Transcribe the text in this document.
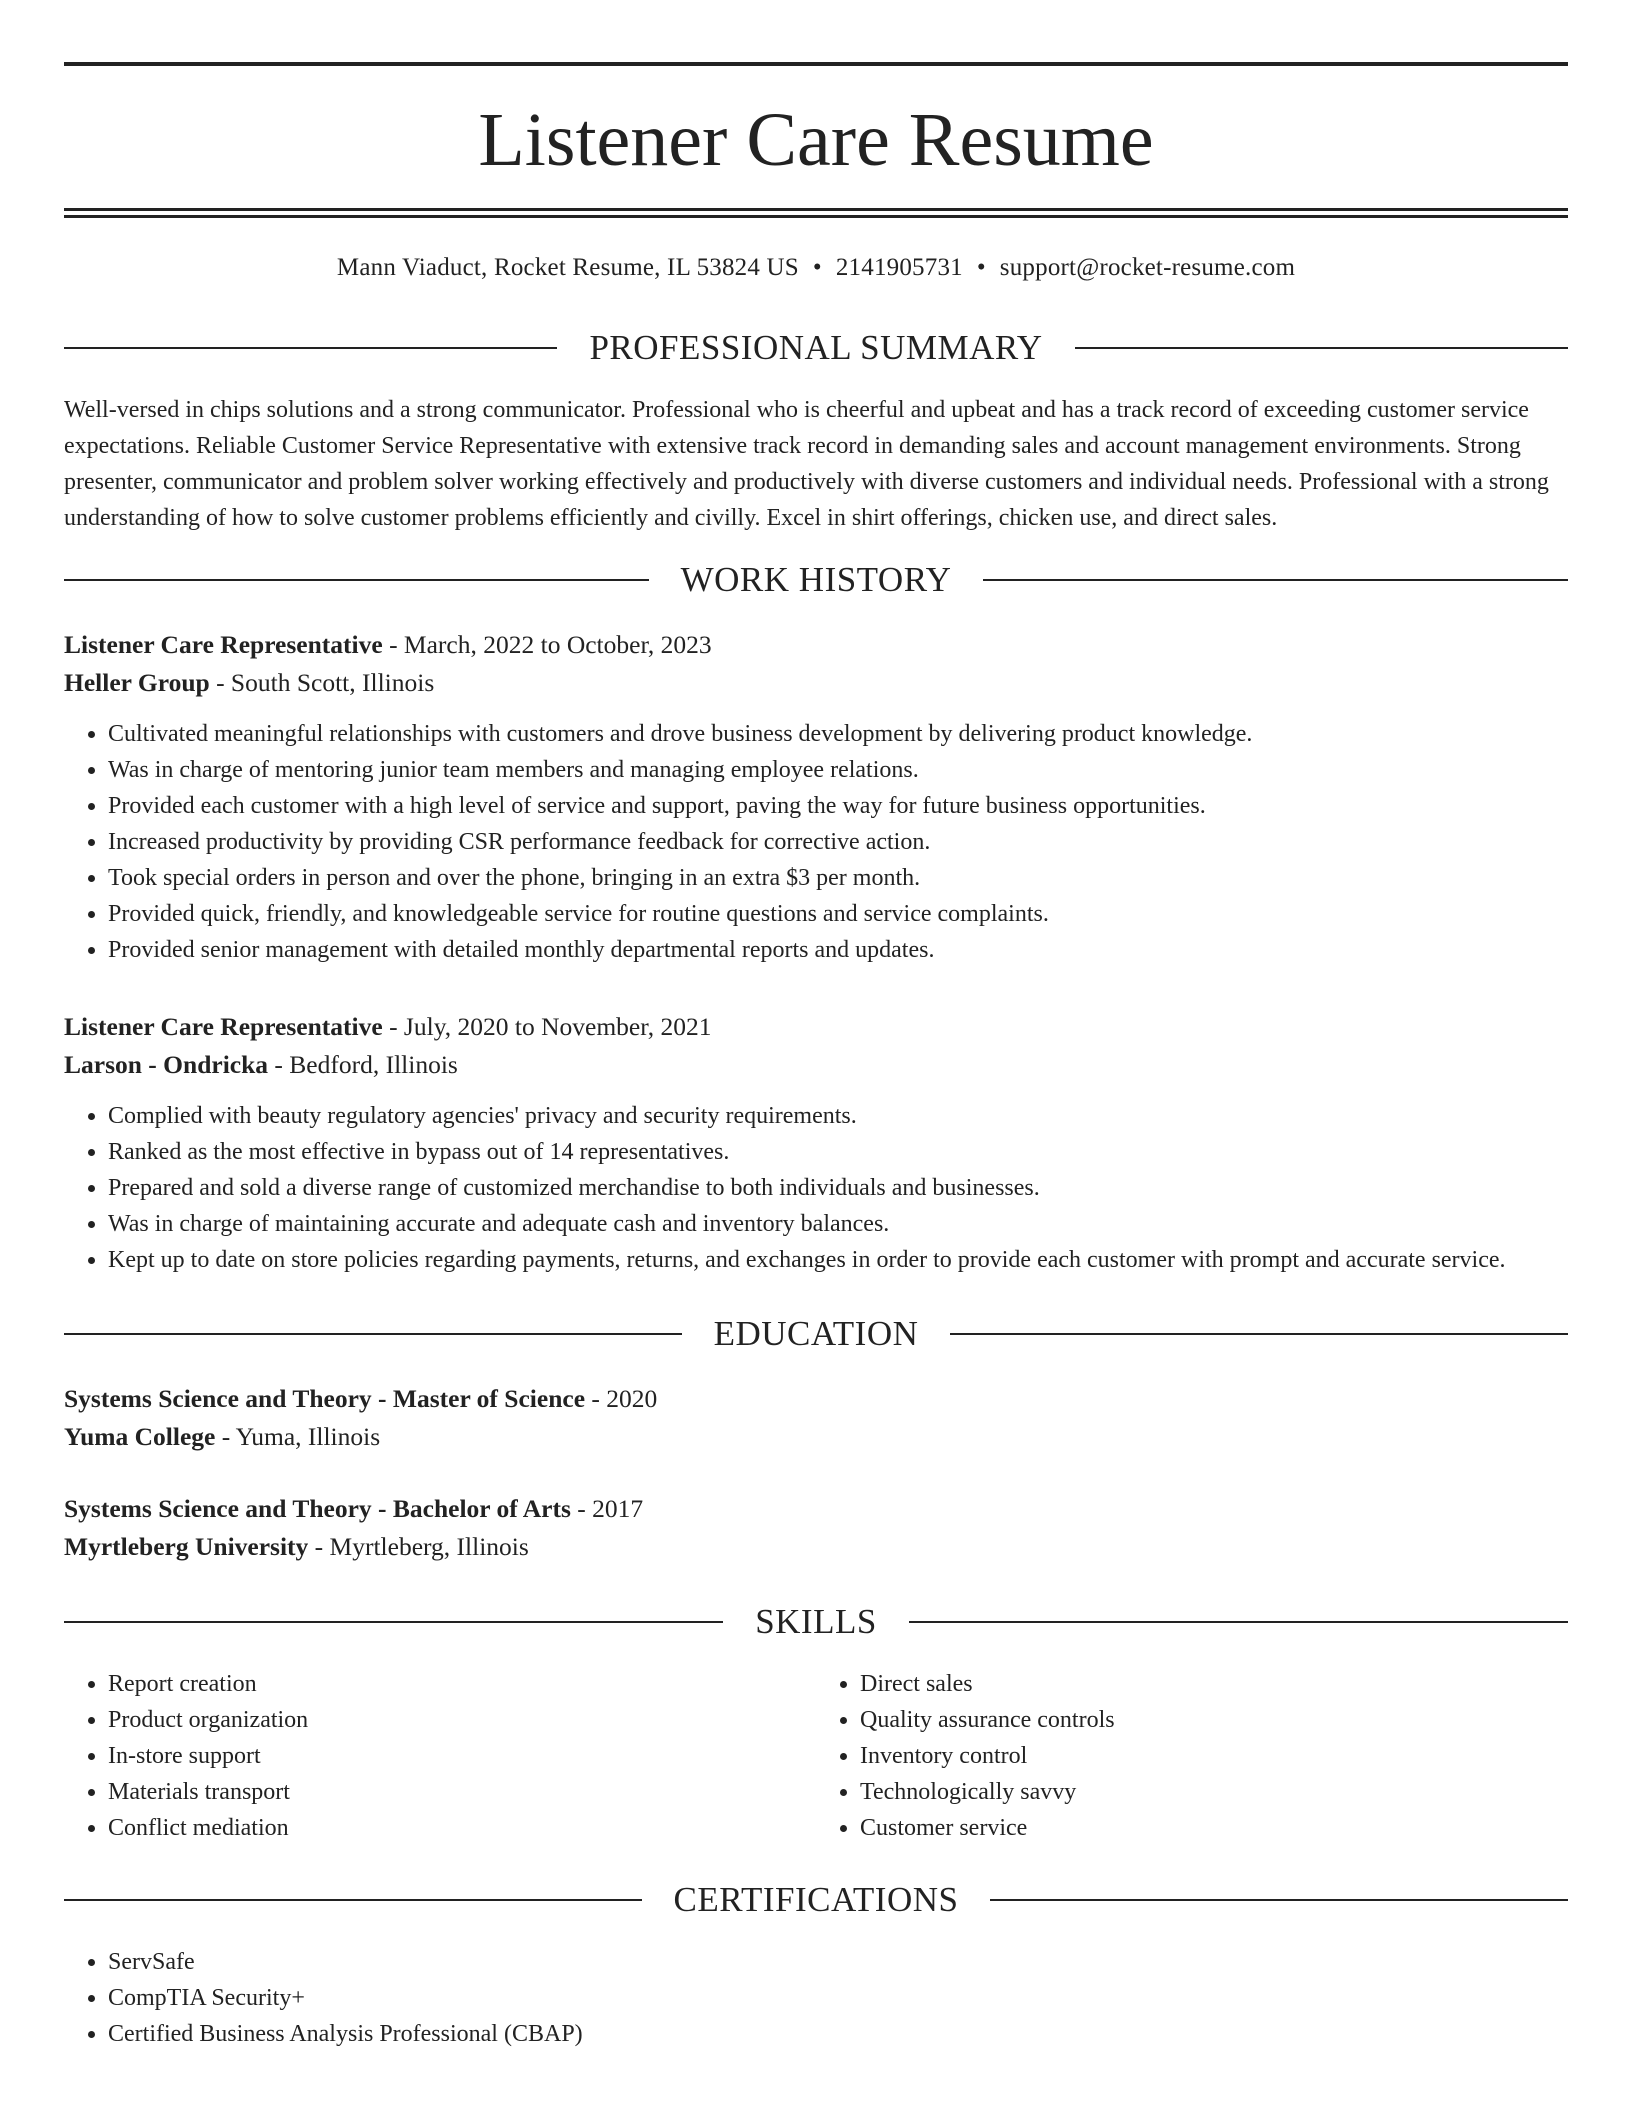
Listener Care Resume
Mann Viaduct, Rocket Resume, IL 53824 US • 2141905731 • support@rocket-resume.com
PROFESSIONAL SUMMARY

Well-versed in chips solutions and a strong communicator. Professional who is cheerful and upbeat and has a track record of exceeding customer service expectations. Reliable Customer Service Representative with extensive track record in demanding sales and account management environments. Strong presenter, communicator and problem solver working effectively and productively with diverse customers and individual needs. Professional with a strong understanding of how to solve customer problems efficiently and civilly. Excel in shirt offerings, chicken use, and direct sales.

WORK HISTORY
Listener Care Representative - March, 2022 to October, 2023
Heller Group - South Scott, Illinois
• Cultivated meaningful relationships with customers and drove business development by delivering product knowledge.
• Was in charge of mentoring junior team members and managing employee relations.
• Provided each customer with a high level of service and support, paving the way for future business opportunities.
• Increased productivity by providing CSR performance feedback for corrective action.
• Took special orders in person and over the phone, bringing in an extra $3 per month.
• Provided quick, friendly, and knowledgeable service for routine questions and service complaints.
• Provided senior management with detailed monthly departmental reports and updates.
Listener Care Representative - July, 2020 to November, 2021
Larson - Ondricka - Bedford, Illinois
• Complied with beauty regulatory agencies' privacy and security requirements.
• Ranked as the most effective in bypass out of 14 representatives.
• Prepared and sold a diverse range of customized merchandise to both individuals and businesses.
• Was in charge of maintaining accurate and adequate cash and inventory balances.
• Kept up to date on store policies regarding payments, returns, and exchanges in order to provide each customer with prompt and accurate service.
EDUCATION
Systems Science and Theory - Master of Science - 2020
Yuma College - Yuma, Illinois
Systems Science and Theory - Bachelor of Arts - 2017
Myrtleberg University - Myrtleberg, Illinois
SKILLS
• Report creation
• Product organization
• In-store support
• Materials transport
• Conflict mediation
• Direct sales
• Quality assurance controls
• Inventory control
• Technologically savvy
• Customer service
CERTIFICATIONS
• ServSafe
• CompTIA Security+
• Certified Business Analysis Professional (CBAP)
